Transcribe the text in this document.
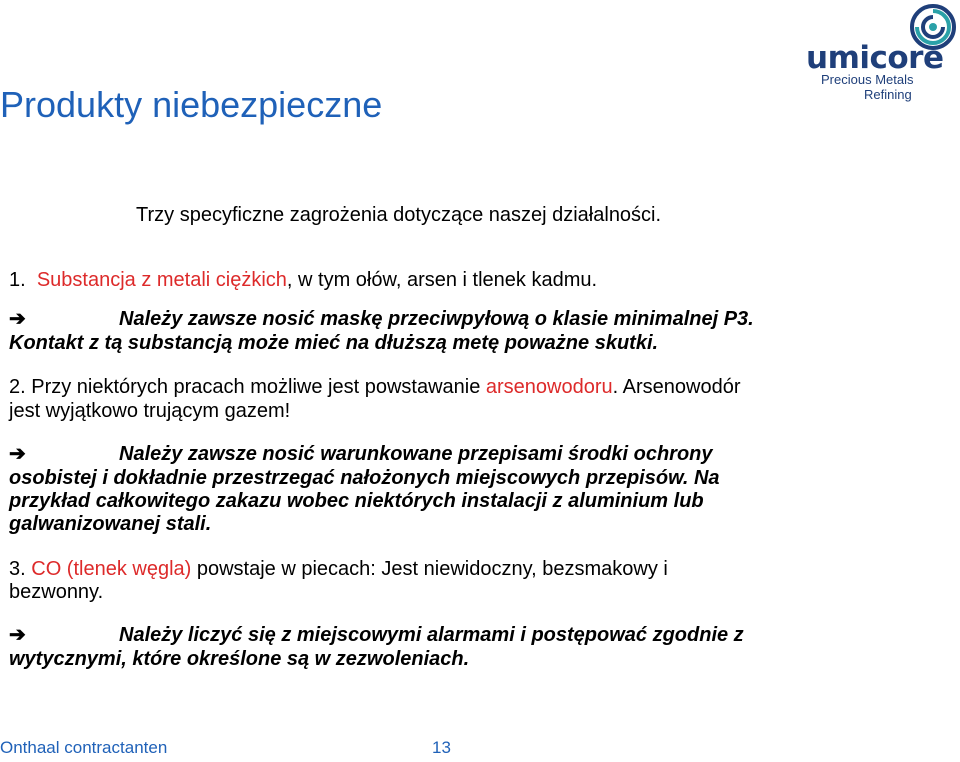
umicore
Precious Metals
Refining
Produkty niebezpieczne
Trzy specyficzne zagrożenia dotyczące naszej działalności.
1. Substancja z metali ciężkich, w tym ołów, arsen i tlenek kadmu.
➔	Należy zawsze nosić maskę przeciwpyłową o klasie minimalnej P3.
Kontakt z tą substancją może mieć na dłuższą metę poważne skutki.
2. Przy niektórych pracach możliwe jest powstawanie arsenowodoru. Arsenowodór
jest wyjątkowo trującym gazem!
➔	Należy zawsze nosić warunkowane przepisami środki ochrony
osobistej i dokładnie przestrzegać nałożonych miejscowych przepisów. Na
przykład całkowitego zakazu wobec niektórych instalacji z aluminium lub
galwanizowanej stali.
3. CO (tlenek węgla) powstaje w piecach: Jest niewidoczny, bezsmakowy i
bezwonny.
➔	Należy liczyć się z miejscowymi alarmami i postępować zgodnie z
wytycznymi, które określone są w zezwoleniach.
Onthaal contractanten	13
